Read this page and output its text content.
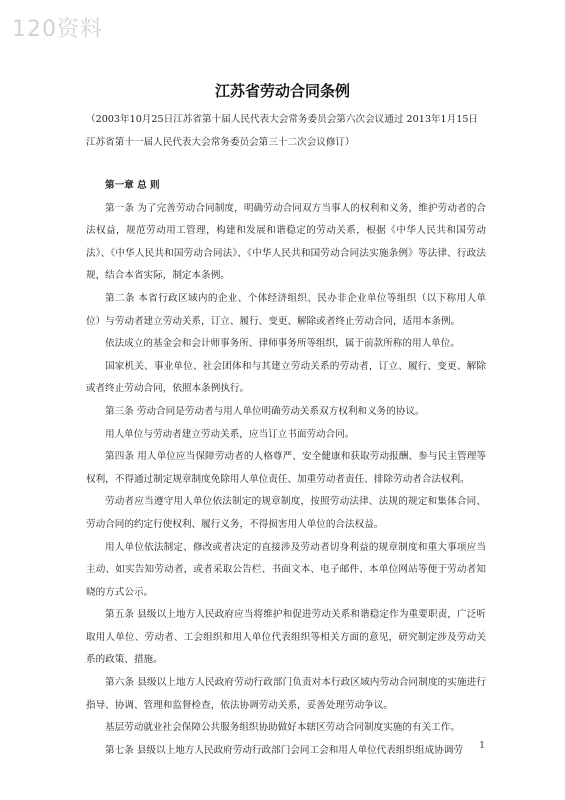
120资料
江苏省劳动合同条例
（2003年10月25日江苏省第十届人民代表大会常务委员会第六次会议通过 2013年1月15日江苏省第十一届人民代表大会常务委员会第三十二次会议修订）

第一章 总 则

第一条 为了完善劳动合同制度，明确劳动合同双方当事人的权利和义务，维护劳动者的合法权益，规范劳动用工管理，构建和发展和谐稳定的劳动关系，根据《中华人民共和国劳动法》、《中华人民共和国劳动合同法》、《中华人民共和国劳动合同法实施条例》等法律、行政法规，结合本省实际，制定本条例。

第二条 本省行政区域内的企业、个体经济组织、民办非企业单位等组织（以下称用人单位）与劳动者建立劳动关系，订立、履行、变更、解除或者终止劳动合同，适用本条例。

依法成立的基金会和会计师事务所、律师事务所等组织，属于前款所称的用人单位。

国家机关、事业单位、社会团体和与其建立劳动关系的劳动者，订立、履行、变更、解除或者终止劳动合同，依照本条例执行。

第三条 劳动合同是劳动者与用人单位明确劳动关系双方权利和义务的协议。

用人单位与劳动者建立劳动关系，应当订立书面劳动合同。

第四条 用人单位应当保障劳动者的人格尊严、安全健康和获取劳动报酬、参与民主管理等权利，不得通过制定规章制度免除用人单位责任、加重劳动者责任、排除劳动者合法权利。

劳动者应当遵守用人单位依法制定的规章制度，按照劳动法律、法规的规定和集体合同、劳动合同的约定行使权利、履行义务，不得损害用人单位的合法权益。

用人单位依法制定、修改或者决定的直接涉及劳动者切身利益的规章制度和重大事项应当主动、如实告知劳动者，或者采取公告栏、书面文本、电子邮件、本单位网站等便于劳动者知晓的方式公示。

第五条 县级以上地方人民政府应当将维护和促进劳动关系和谐稳定作为重要职责，广泛听取用人单位、劳动者、工会组织和用人单位代表组织等相关方面的意见，研究制定涉及劳动关系的政策、措施。

第六条 县级以上地方人民政府劳动行政部门负责对本行政区域内劳动合同制度的实施进行指导、协调、管理和监督检查，依法协调劳动关系，妥善处理劳动争议。

基层劳动就业社会保障公共服务组织协助做好本辖区劳动合同制度实施的有关工作。

第七条 县级以上地方人民政府劳动行政部门会同工会和用人单位代表组织组成协调劳	1
